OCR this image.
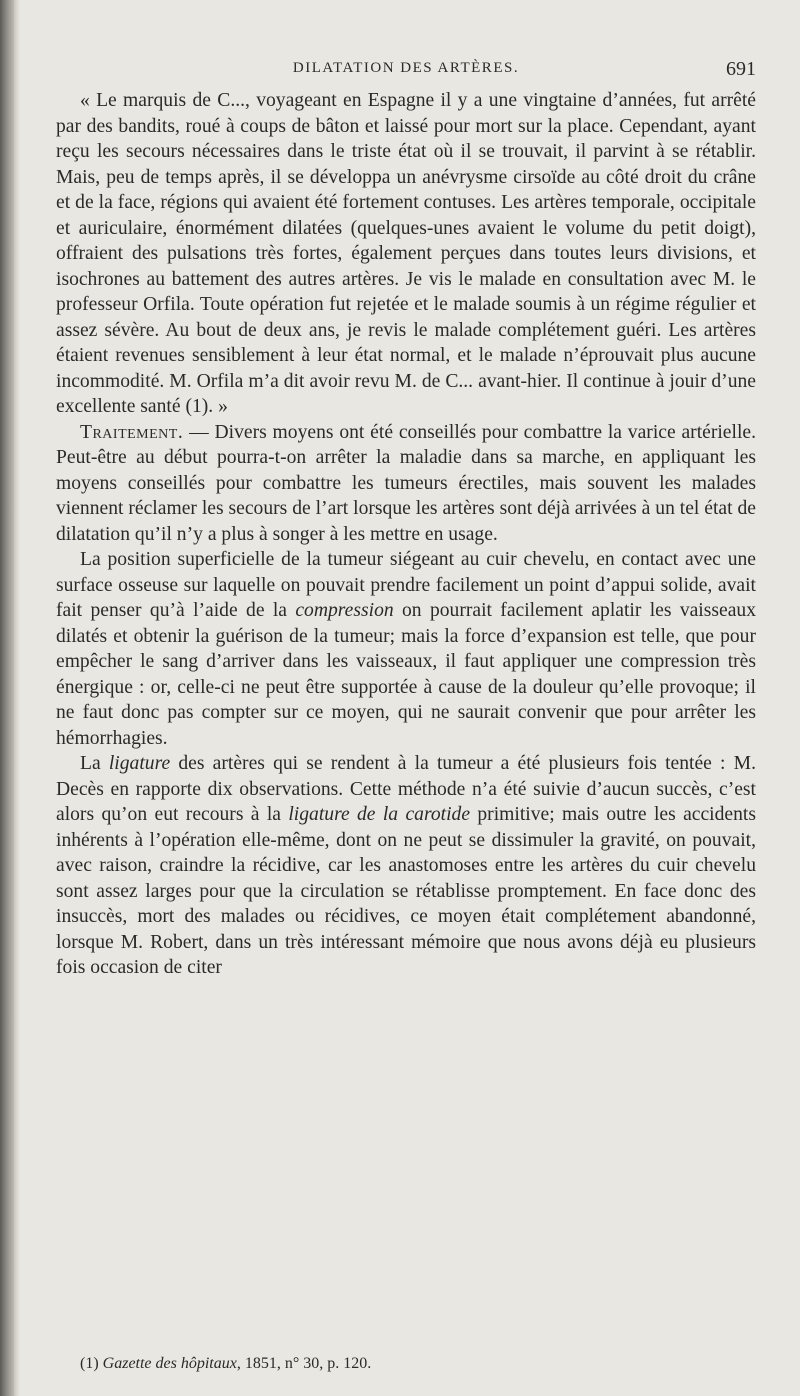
DILATATION DES ARTÈRES.	691

« Le marquis de C..., voyageant en Espagne il y a une vingtaine d’années, fut arrêté par des bandits, roué à coups de bâton et laissé pour mort sur la place. Cependant, ayant reçu les secours nécessaires dans le triste état où il se trouvait, il parvint à se rétablir. Mais, peu de temps après, il se développa un anévrysme cirsoïde au côté droit du crâne et de la face, régions qui avaient été fortement contuses. Les artères temporale, occipitale et auriculaire, énormément dilatées (quelques-unes avaient le volume du petit doigt), offraient des pulsations très fortes, également perçues dans toutes leurs divisions, et isochrones au battement des autres artères. Je vis le malade en consultation avec M. le professeur Orfila. Toute opération fut rejetée et le malade soumis à un régime régulier et assez sévère. Au bout de deux ans, je revis le malade complétement guéri. Les artères étaient revenues sensiblement à leur état normal, et le malade n’éprouvait plus aucune incommodité. M. Orfila m’a dit avoir revu M. de C... avant-hier. Il continue à jouir d’une excellente santé (1). »

Traitement. — Divers moyens ont été conseillés pour combattre la varice artérielle. Peut-être au début pourra-t-on arrêter la maladie dans sa marche, en appliquant les moyens conseillés pour combattre les tumeurs érectiles, mais souvent les malades viennent réclamer les secours de l’art lorsque les artères sont déjà arrivées à un tel état de dilatation qu’il n’y a plus à songer à les mettre en usage.

La position superficielle de la tumeur siégeant au cuir chevelu, en contact avec une surface osseuse sur laquelle on pouvait prendre facilement un point d’appui solide, avait fait penser qu’à l’aide de la compression on pourrait facilement aplatir les vaisseaux dilatés et obtenir la guérison de la tumeur; mais la force d’expansion est telle, que pour empêcher le sang d’arriver dans les vaisseaux, il faut appliquer une compression très énergique : or, celle-ci ne peut être supportée à cause de la douleur qu’elle provoque; il ne faut donc pas compter sur ce moyen, qui ne saurait convenir que pour arrêter les hémorrhagies.

La ligature des artères qui se rendent à la tumeur a été plusieurs fois tentée : M. Decès en rapporte dix observations. Cette méthode n’a été suivie d’aucun succès, c’est alors qu’on eut recours à la ligature de la carotide primitive; mais outre les accidents inhérents à l’opération elle-même, dont on ne peut se dissimuler la gravité, on pouvait, avec raison, craindre la récidive, car les anastomoses entre les artères du cuir chevelu sont assez larges pour que la circulation se rétablisse promptement. En face donc des insuccès, mort des malades ou récidives, ce moyen était complétement abandonné, lorsque M. Robert, dans un très intéressant mémoire que nous avons déjà eu plusieurs fois occasion de citer

(1) Gazette des hôpitaux, 1851, n° 30, p. 120.
